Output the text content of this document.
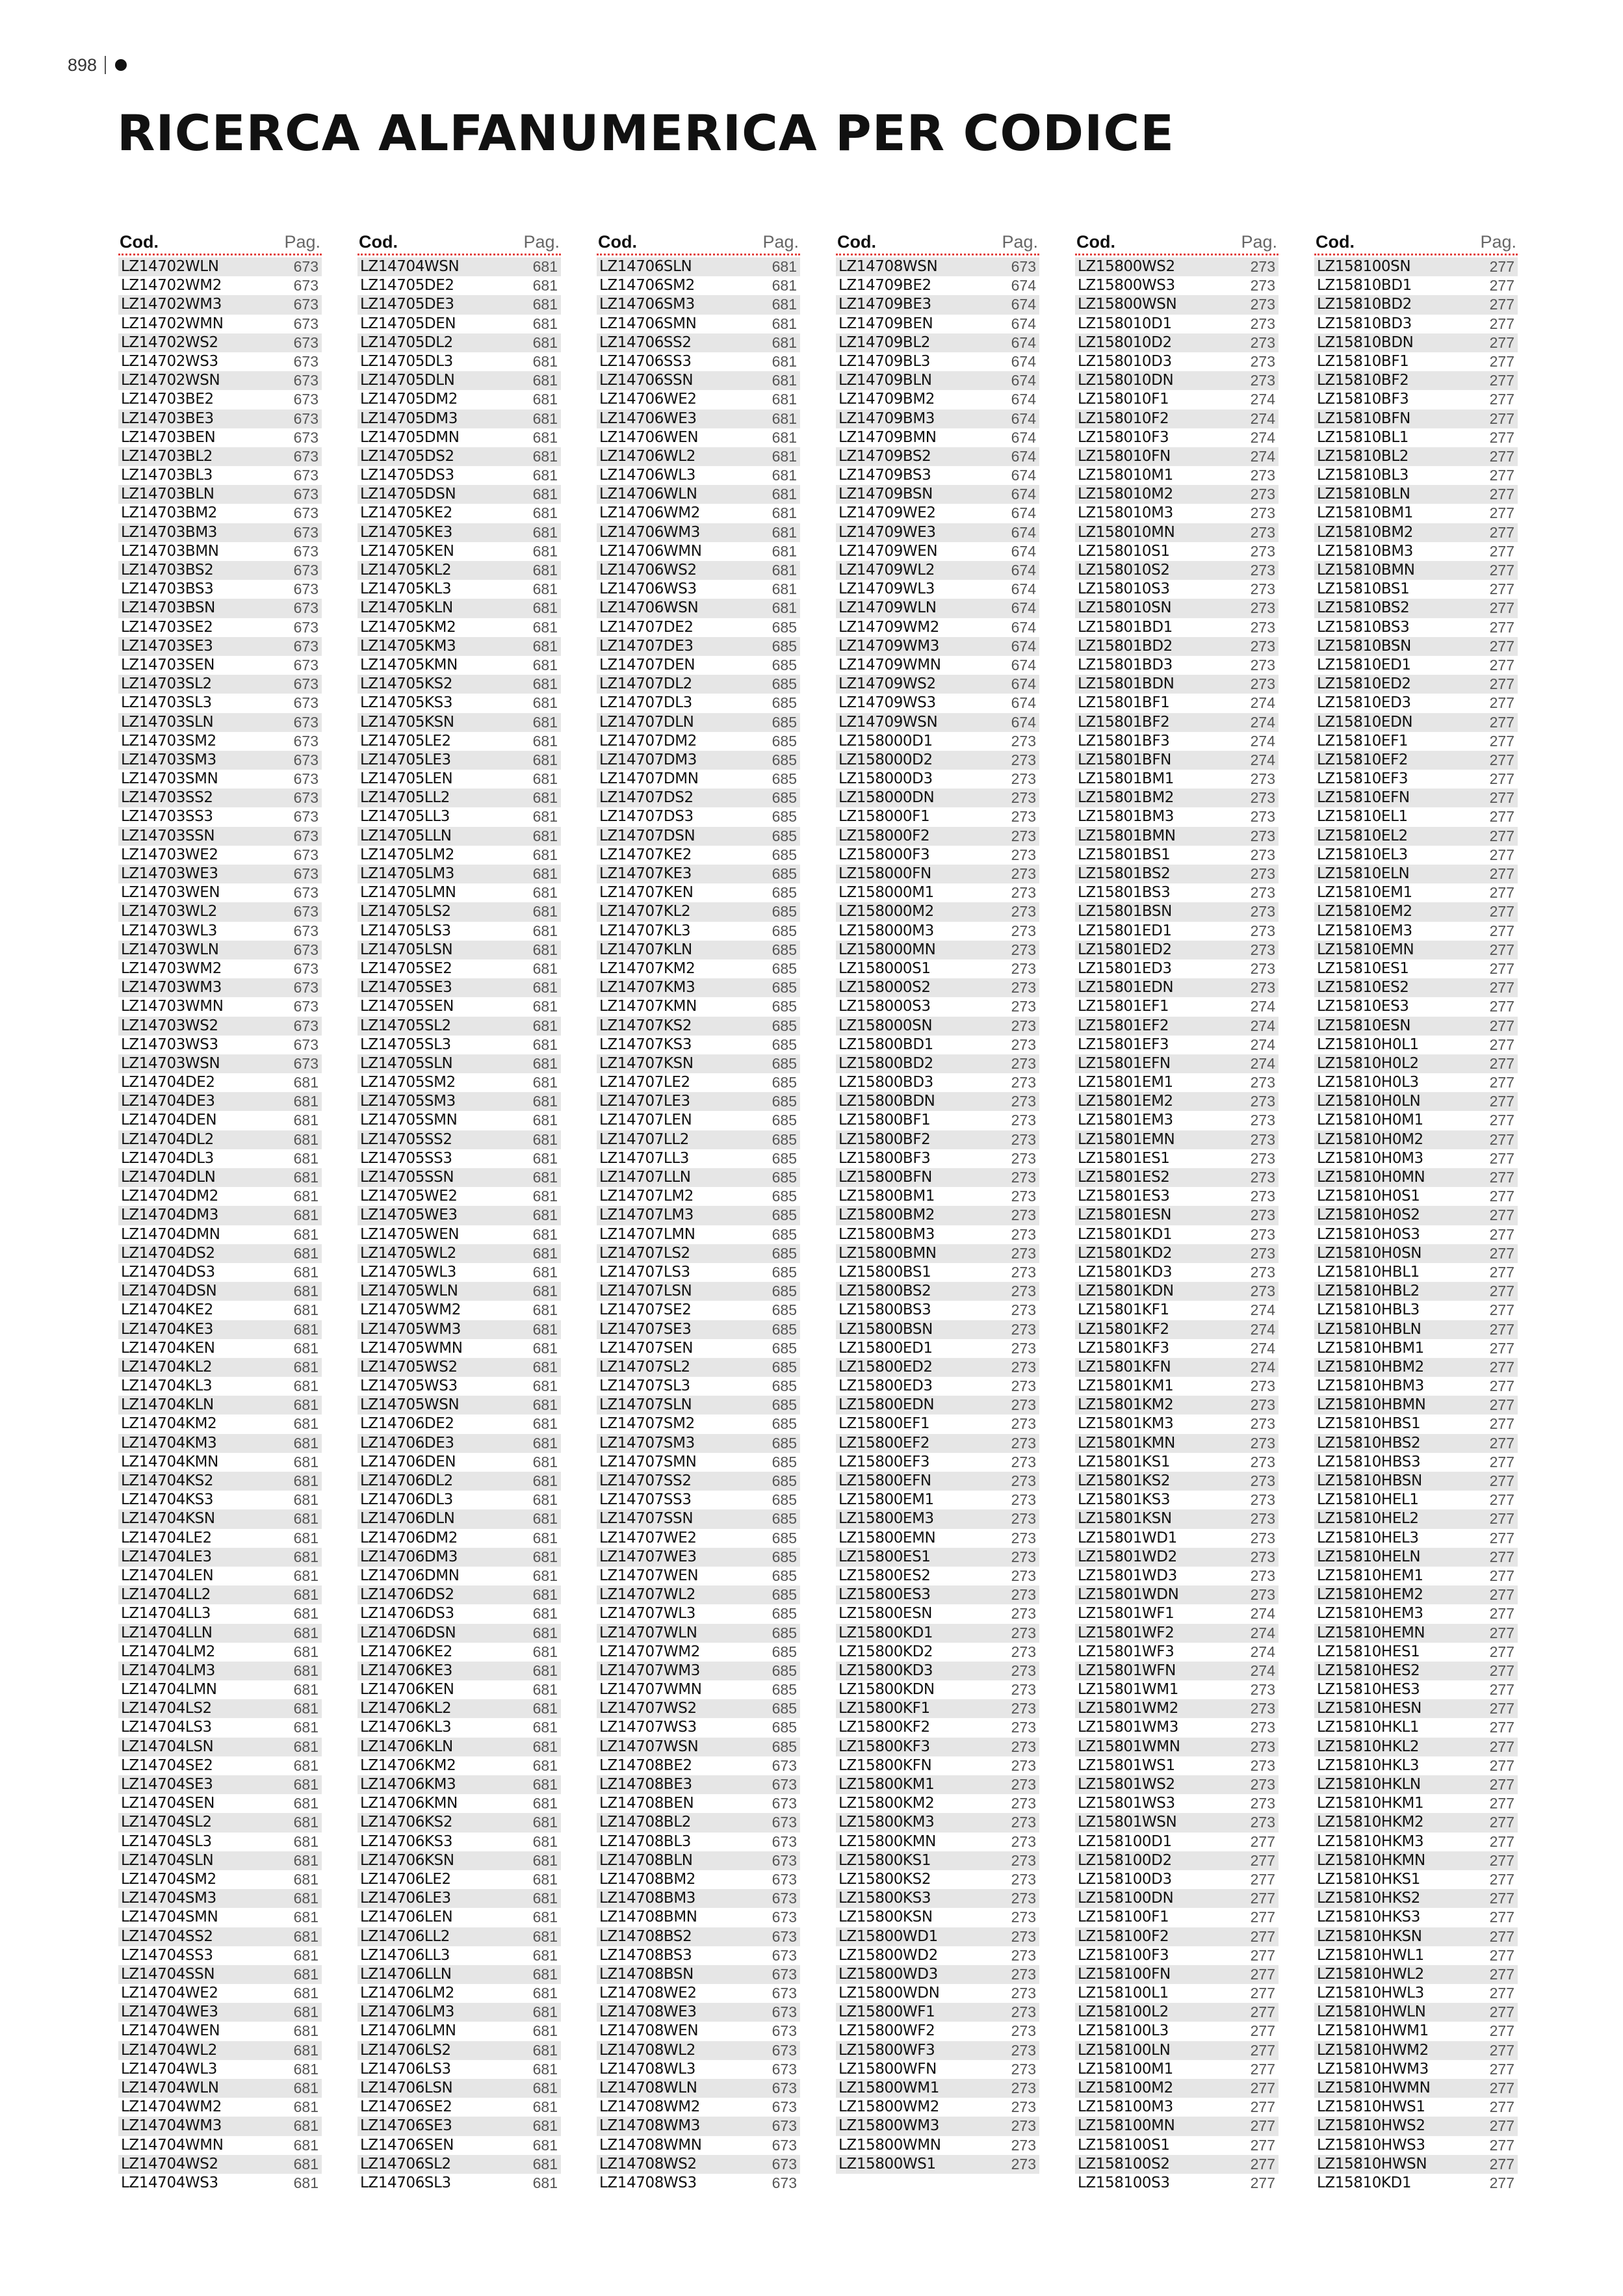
898
RICERCA ALFANUMERICA PER CODICE
Cod.	Pag.
LZ14702WLN	673
LZ14702WM2	673
LZ14702WM3	673
LZ14702WMN	673
LZ14702WS2	673
LZ14702WS3	673
LZ14702WSN	673
LZ14703BE2	673
LZ14703BE3	673
LZ14703BEN	673
LZ14703BL2	673
LZ14703BL3	673
LZ14703BLN	673
LZ14703BM2	673
LZ14703BM3	673
LZ14703BMN	673
LZ14703BS2	673
LZ14703BS3	673
LZ14703BSN	673
LZ14703SE2	673
LZ14703SE3	673
LZ14703SEN	673
LZ14703SL2	673
LZ14703SL3	673
LZ14703SLN	673
LZ14703SM2	673
LZ14703SM3	673
LZ14703SMN	673
LZ14703SS2	673
LZ14703SS3	673
LZ14703SSN	673
LZ14703WE2	673
LZ14703WE3	673
LZ14703WEN	673
LZ14703WL2	673
LZ14703WL3	673
LZ14703WLN	673
LZ14703WM2	673
LZ14703WM3	673
LZ14703WMN	673
LZ14703WS2	673
LZ14703WS3	673
LZ14703WSN	673
LZ14704DE2	681
LZ14704DE3	681
LZ14704DEN	681
LZ14704DL2	681
LZ14704DL3	681
LZ14704DLN	681
LZ14704DM2	681
LZ14704DM3	681
LZ14704DMN	681
LZ14704DS2	681
LZ14704DS3	681
LZ14704DSN	681
LZ14704KE2	681
LZ14704KE3	681
LZ14704KEN	681
LZ14704KL2	681
LZ14704KL3	681
LZ14704KLN	681
LZ14704KM2	681
LZ14704KM3	681
LZ14704KMN	681
LZ14704KS2	681
LZ14704KS3	681
LZ14704KSN	681
LZ14704LE2	681
LZ14704LE3	681
LZ14704LEN	681
LZ14704LL2	681
LZ14704LL3	681
LZ14704LLN	681
LZ14704LM2	681
LZ14704LM3	681
LZ14704LMN	681
LZ14704LS2	681
LZ14704LS3	681
LZ14704LSN	681
LZ14704SE2	681
LZ14704SE3	681
LZ14704SEN	681
LZ14704SL2	681
LZ14704SL3	681
LZ14704SLN	681
LZ14704SM2	681
LZ14704SM3	681
LZ14704SMN	681
LZ14704SS2	681
LZ14704SS3	681
LZ14704SSN	681
LZ14704WE2	681
LZ14704WE3	681
LZ14704WEN	681
LZ14704WL2	681
LZ14704WL3	681
LZ14704WLN	681
LZ14704WM2	681
LZ14704WM3	681
LZ14704WMN	681
LZ14704WS2	681
LZ14704WS3	681
Cod.	Pag.
LZ14704WSN	681
LZ14705DE2	681
LZ14705DE3	681
LZ14705DEN	681
LZ14705DL2	681
LZ14705DL3	681
LZ14705DLN	681
LZ14705DM2	681
LZ14705DM3	681
LZ14705DMN	681
LZ14705DS2	681
LZ14705DS3	681
LZ14705DSN	681
LZ14705KE2	681
LZ14705KE3	681
LZ14705KEN	681
LZ14705KL2	681
LZ14705KL3	681
LZ14705KLN	681
LZ14705KM2	681
LZ14705KM3	681
LZ14705KMN	681
LZ14705KS2	681
LZ14705KS3	681
LZ14705KSN	681
LZ14705LE2	681
LZ14705LE3	681
LZ14705LEN	681
LZ14705LL2	681
LZ14705LL3	681
LZ14705LLN	681
LZ14705LM2	681
LZ14705LM3	681
LZ14705LMN	681
LZ14705LS2	681
LZ14705LS3	681
LZ14705LSN	681
LZ14705SE2	681
LZ14705SE3	681
LZ14705SEN	681
LZ14705SL2	681
LZ14705SL3	681
LZ14705SLN	681
LZ14705SM2	681
LZ14705SM3	681
LZ14705SMN	681
LZ14705SS2	681
LZ14705SS3	681
LZ14705SSN	681
LZ14705WE2	681
LZ14705WE3	681
LZ14705WEN	681
LZ14705WL2	681
LZ14705WL3	681
LZ14705WLN	681
LZ14705WM2	681
LZ14705WM3	681
LZ14705WMN	681
LZ14705WS2	681
LZ14705WS3	681
LZ14705WSN	681
LZ14706DE2	681
LZ14706DE3	681
LZ14706DEN	681
LZ14706DL2	681
LZ14706DL3	681
LZ14706DLN	681
LZ14706DM2	681
LZ14706DM3	681
LZ14706DMN	681
LZ14706DS2	681
LZ14706DS3	681
LZ14706DSN	681
LZ14706KE2	681
LZ14706KE3	681
LZ14706KEN	681
LZ14706KL2	681
LZ14706KL3	681
LZ14706KLN	681
LZ14706KM2	681
LZ14706KM3	681
LZ14706KMN	681
LZ14706KS2	681
LZ14706KS3	681
LZ14706KSN	681
LZ14706LE2	681
LZ14706LE3	681
LZ14706LEN	681
LZ14706LL2	681
LZ14706LL3	681
LZ14706LLN	681
LZ14706LM2	681
LZ14706LM3	681
LZ14706LMN	681
LZ14706LS2	681
LZ14706LS3	681
LZ14706LSN	681
LZ14706SE2	681
LZ14706SE3	681
LZ14706SEN	681
LZ14706SL2	681
LZ14706SL3	681
Cod.	Pag.
LZ14706SLN	681
LZ14706SM2	681
LZ14706SM3	681
LZ14706SMN	681
LZ14706SS2	681
LZ14706SS3	681
LZ14706SSN	681
LZ14706WE2	681
LZ14706WE3	681
LZ14706WEN	681
LZ14706WL2	681
LZ14706WL3	681
LZ14706WLN	681
LZ14706WM2	681
LZ14706WM3	681
LZ14706WMN	681
LZ14706WS2	681
LZ14706WS3	681
LZ14706WSN	681
LZ14707DE2	685
LZ14707DE3	685
LZ14707DEN	685
LZ14707DL2	685
LZ14707DL3	685
LZ14707DLN	685
LZ14707DM2	685
LZ14707DM3	685
LZ14707DMN	685
LZ14707DS2	685
LZ14707DS3	685
LZ14707DSN	685
LZ14707KE2	685
LZ14707KE3	685
LZ14707KEN	685
LZ14707KL2	685
LZ14707KL3	685
LZ14707KLN	685
LZ14707KM2	685
LZ14707KM3	685
LZ14707KMN	685
LZ14707KS2	685
LZ14707KS3	685
LZ14707KSN	685
LZ14707LE2	685
LZ14707LE3	685
LZ14707LEN	685
LZ14707LL2	685
LZ14707LL3	685
LZ14707LLN	685
LZ14707LM2	685
LZ14707LM3	685
LZ14707LMN	685
LZ14707LS2	685
LZ14707LS3	685
LZ14707LSN	685
LZ14707SE2	685
LZ14707SE3	685
LZ14707SEN	685
LZ14707SL2	685
LZ14707SL3	685
LZ14707SLN	685
LZ14707SM2	685
LZ14707SM3	685
LZ14707SMN	685
LZ14707SS2	685
LZ14707SS3	685
LZ14707SSN	685
LZ14707WE2	685
LZ14707WE3	685
LZ14707WEN	685
LZ14707WL2	685
LZ14707WL3	685
LZ14707WLN	685
LZ14707WM2	685
LZ14707WM3	685
LZ14707WMN	685
LZ14707WS2	685
LZ14707WS3	685
LZ14707WSN	685
LZ14708BE2	673
LZ14708BE3	673
LZ14708BEN	673
LZ14708BL2	673
LZ14708BL3	673
LZ14708BLN	673
LZ14708BM2	673
LZ14708BM3	673
LZ14708BMN	673
LZ14708BS2	673
LZ14708BS3	673
LZ14708BSN	673
LZ14708WE2	673
LZ14708WE3	673
LZ14708WEN	673
LZ14708WL2	673
LZ14708WL3	673
LZ14708WLN	673
LZ14708WM2	673
LZ14708WM3	673
LZ14708WMN	673
LZ14708WS2	673
LZ14708WS3	673
Cod.	Pag.
LZ14708WSN	673
LZ14709BE2	674
LZ14709BE3	674
LZ14709BEN	674
LZ14709BL2	674
LZ14709BL3	674
LZ14709BLN	674
LZ14709BM2	674
LZ14709BM3	674
LZ14709BMN	674
LZ14709BS2	674
LZ14709BS3	674
LZ14709BSN	674
LZ14709WE2	674
LZ14709WE3	674
LZ14709WEN	674
LZ14709WL2	674
LZ14709WL3	674
LZ14709WLN	674
LZ14709WM2	674
LZ14709WM3	674
LZ14709WMN	674
LZ14709WS2	674
LZ14709WS3	674
LZ14709WSN	674
LZ158000D1	273
LZ158000D2	273
LZ158000D3	273
LZ158000DN	273
LZ158000F1	273
LZ158000F2	273
LZ158000F3	273
LZ158000FN	273
LZ158000M1	273
LZ158000M2	273
LZ158000M3	273
LZ158000MN	273
LZ158000S1	273
LZ158000S2	273
LZ158000S3	273
LZ158000SN	273
LZ15800BD1	273
LZ15800BD2	273
LZ15800BD3	273
LZ15800BDN	273
LZ15800BF1	273
LZ15800BF2	273
LZ15800BF3	273
LZ15800BFN	273
LZ15800BM1	273
LZ15800BM2	273
LZ15800BM3	273
LZ15800BMN	273
LZ15800BS1	273
LZ15800BS2	273
LZ15800BS3	273
LZ15800BSN	273
LZ15800ED1	273
LZ15800ED2	273
LZ15800ED3	273
LZ15800EDN	273
LZ15800EF1	273
LZ15800EF2	273
LZ15800EF3	273
LZ15800EFN	273
LZ15800EM1	273
LZ15800EM3	273
LZ15800EMN	273
LZ15800ES1	273
LZ15800ES2	273
LZ15800ES3	273
LZ15800ESN	273
LZ15800KD1	273
LZ15800KD2	273
LZ15800KD3	273
LZ15800KDN	273
LZ15800KF1	273
LZ15800KF2	273
LZ15800KF3	273
LZ15800KFN	273
LZ15800KM1	273
LZ15800KM2	273
LZ15800KM3	273
LZ15800KMN	273
LZ15800KS1	273
LZ15800KS2	273
LZ15800KS3	273
LZ15800KSN	273
LZ15800WD1	273
LZ15800WD2	273
LZ15800WD3	273
LZ15800WDN	273
LZ15800WF1	273
LZ15800WF2	273
LZ15800WF3	273
LZ15800WFN	273
LZ15800WM1	273
LZ15800WM2	273
LZ15800WM3	273
LZ15800WMN	273
LZ15800WS1	273
Cod.	Pag.
LZ15800WS2	273
LZ15800WS3	273
LZ15800WSN	273
LZ158010D1	273
LZ158010D2	273
LZ158010D3	273
LZ158010DN	273
LZ158010F1	274
LZ158010F2	274
LZ158010F3	274
LZ158010FN	274
LZ158010M1	273
LZ158010M2	273
LZ158010M3	273
LZ158010MN	273
LZ158010S1	273
LZ158010S2	273
LZ158010S3	273
LZ158010SN	273
LZ15801BD1	273
LZ15801BD2	273
LZ15801BD3	273
LZ15801BDN	273
LZ15801BF1	274
LZ15801BF2	274
LZ15801BF3	274
LZ15801BFN	274
LZ15801BM1	273
LZ15801BM2	273
LZ15801BM3	273
LZ15801BMN	273
LZ15801BS1	273
LZ15801BS2	273
LZ15801BS3	273
LZ15801BSN	273
LZ15801ED1	273
LZ15801ED2	273
LZ15801ED3	273
LZ15801EDN	273
LZ15801EF1	274
LZ15801EF2	274
LZ15801EF3	274
LZ15801EFN	274
LZ15801EM1	273
LZ15801EM2	273
LZ15801EM3	273
LZ15801EMN	273
LZ15801ES1	273
LZ15801ES2	273
LZ15801ES3	273
LZ15801ESN	273
LZ15801KD1	273
LZ15801KD2	273
LZ15801KD3	273
LZ15801KDN	273
LZ15801KF1	274
LZ15801KF2	274
LZ15801KF3	274
LZ15801KFN	274
LZ15801KM1	273
LZ15801KM2	273
LZ15801KM3	273
LZ15801KMN	273
LZ15801KS1	273
LZ15801KS2	273
LZ15801KS3	273
LZ15801KSN	273
LZ15801WD1	273
LZ15801WD2	273
LZ15801WD3	273
LZ15801WDN	273
LZ15801WF1	274
LZ15801WF2	274
LZ15801WF3	274
LZ15801WFN	274
LZ15801WM1	273
LZ15801WM2	273
LZ15801WM3	273
LZ15801WMN	273
LZ15801WS1	273
LZ15801WS2	273
LZ15801WS3	273
LZ15801WSN	273
LZ158100D1	277
LZ158100D2	277
LZ158100D3	277
LZ158100DN	277
LZ158100F1	277
LZ158100F2	277
LZ158100F3	277
LZ158100FN	277
LZ158100L1	277
LZ158100L2	277
LZ158100L3	277
LZ158100LN	277
LZ158100M1	277
LZ158100M2	277
LZ158100M3	277
LZ158100MN	277
LZ158100S1	277
LZ158100S2	277
LZ158100S3	277
Cod.	Pag.
LZ158100SN	277
LZ15810BD1	277
LZ15810BD2	277
LZ15810BD3	277
LZ15810BDN	277
LZ15810BF1	277
LZ15810BF2	277
LZ15810BF3	277
LZ15810BFN	277
LZ15810BL1	277
LZ15810BL2	277
LZ15810BL3	277
LZ15810BLN	277
LZ15810BM1	277
LZ15810BM2	277
LZ15810BM3	277
LZ15810BMN	277
LZ15810BS1	277
LZ15810BS2	277
LZ15810BS3	277
LZ15810BSN	277
LZ15810ED1	277
LZ15810ED2	277
LZ15810ED3	277
LZ15810EDN	277
LZ15810EF1	277
LZ15810EF2	277
LZ15810EF3	277
LZ15810EFN	277
LZ15810EL1	277
LZ15810EL2	277
LZ15810EL3	277
LZ15810ELN	277
LZ15810EM1	277
LZ15810EM2	277
LZ15810EM3	277
LZ15810EMN	277
LZ15810ES1	277
LZ15810ES2	277
LZ15810ES3	277
LZ15810ESN	277
LZ15810H0L1	277
LZ15810H0L2	277
LZ15810H0L3	277
LZ15810H0LN	277
LZ15810H0M1	277
LZ15810H0M2	277
LZ15810H0M3	277
LZ15810H0MN	277
LZ15810H0S1	277
LZ15810H0S2	277
LZ15810H0S3	277
LZ15810H0SN	277
LZ15810HBL1	277
LZ15810HBL2	277
LZ15810HBL3	277
LZ15810HBLN	277
LZ15810HBM1	277
LZ15810HBM2	277
LZ15810HBM3	277
LZ15810HBMN	277
LZ15810HBS1	277
LZ15810HBS2	277
LZ15810HBS3	277
LZ15810HBSN	277
LZ15810HEL1	277
LZ15810HEL2	277
LZ15810HEL3	277
LZ15810HELN	277
LZ15810HEM1	277
LZ15810HEM2	277
LZ15810HEM3	277
LZ15810HEMN	277
LZ15810HES1	277
LZ15810HES2	277
LZ15810HES3	277
LZ15810HESN	277
LZ15810HKL1	277
LZ15810HKL2	277
LZ15810HKL3	277
LZ15810HKLN	277
LZ15810HKM1	277
LZ15810HKM2	277
LZ15810HKM3	277
LZ15810HKMN	277
LZ15810HKS1	277
LZ15810HKS2	277
LZ15810HKS3	277
LZ15810HKSN	277
LZ15810HWL1	277
LZ15810HWL2	277
LZ15810HWL3	277
LZ15810HWLN	277
LZ15810HWM1	277
LZ15810HWM2	277
LZ15810HWM3	277
LZ15810HWMN	277
LZ15810HWS1	277
LZ15810HWS2	277
LZ15810HWS3	277
LZ15810HWSN	277
LZ15810KD1	277
